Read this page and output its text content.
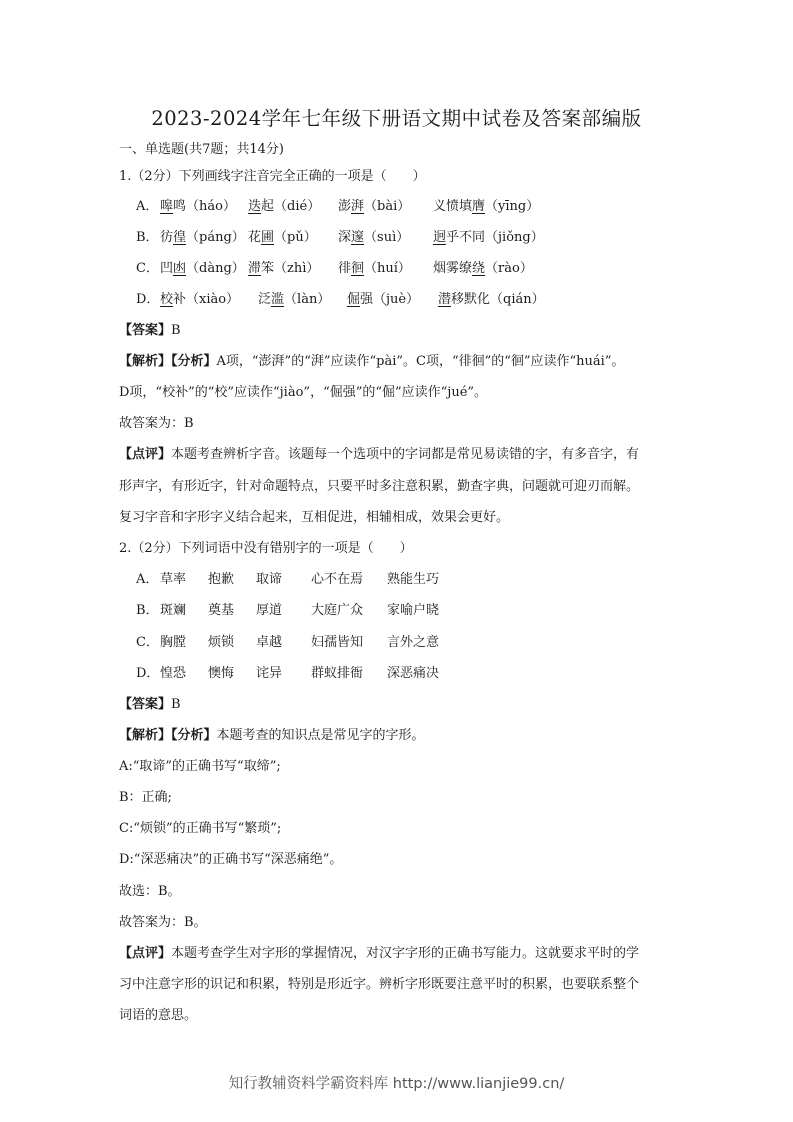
2023-2024学年七年级下册语文期中试卷及答案部编版
一、单选题(共7题；共14分)
1.（2分）下列画线字注音完全正确的一项是（　　）
A． 嗥鸣（háo） 迭起（dié） 澎湃（bài） 义愤填膺（yīng）
B．彷徨（páng） 花圃（pǔ） 深邃（suì） 迥乎不同（jiǒng）
C．凹凼（dàng） 滞笨（zhì） 徘徊（huí） 烟雾缭绕（rào）
D．校补（xiào） 泛滥（làn） 倔强（juè） 潜移默化（qián）
【答案】B
【解析】【分析】A项，“澎湃”的“湃”应读作“pài”。C项，“徘徊”的“徊”应读作“huái”。
D项，“校补”的“校”应读作“jiào”，“倔强”的“倔”应读作“jué”。
故答案为：B
【点评】本题考查辨析字音。该题每一个选项中的字词都是常见易读错的字，有多音字，有
形声字，有形近字，针对命题特点，只要平时多注意积累，勤查字典，问题就可迎刃而解。
复习字音和字形字义结合起来，互相促进，相辅相成，效果会更好。
2.（2分）下列词语中没有错别字的一项是（　　）
A． 草率 抱歉 取谛 心不在焉 熟能生巧
B．斑斓 奠基 厚道 大庭广众 家喻户晓
C．胸膛 烦锁 卓越 妇孺皆知 言外之意
D．惶恐 懊悔 诧异 群蚁排衙 深恶痛决
【答案】B
【解析】【分析】本题考查的知识点是常见字的字形。
A:“取谛”的正确书写“取缔”;
B：正确;
C:“烦锁”的正确书写“繁琐”;
D:“深恶痛决”的正确书写“深恶痛绝”。
故选：B。
故答案为：B。
【点评】本题考查学生对字形的掌握情况，对汉字字形的正确书写能力。这就要求平时的学
习中注意字形的识记和积累，特别是形近字。辨析字形既要注意平时的积累，也要联系整个
词语的意思。
知行教辅资料学霸资料库 http://www.lianjie99.cn/
